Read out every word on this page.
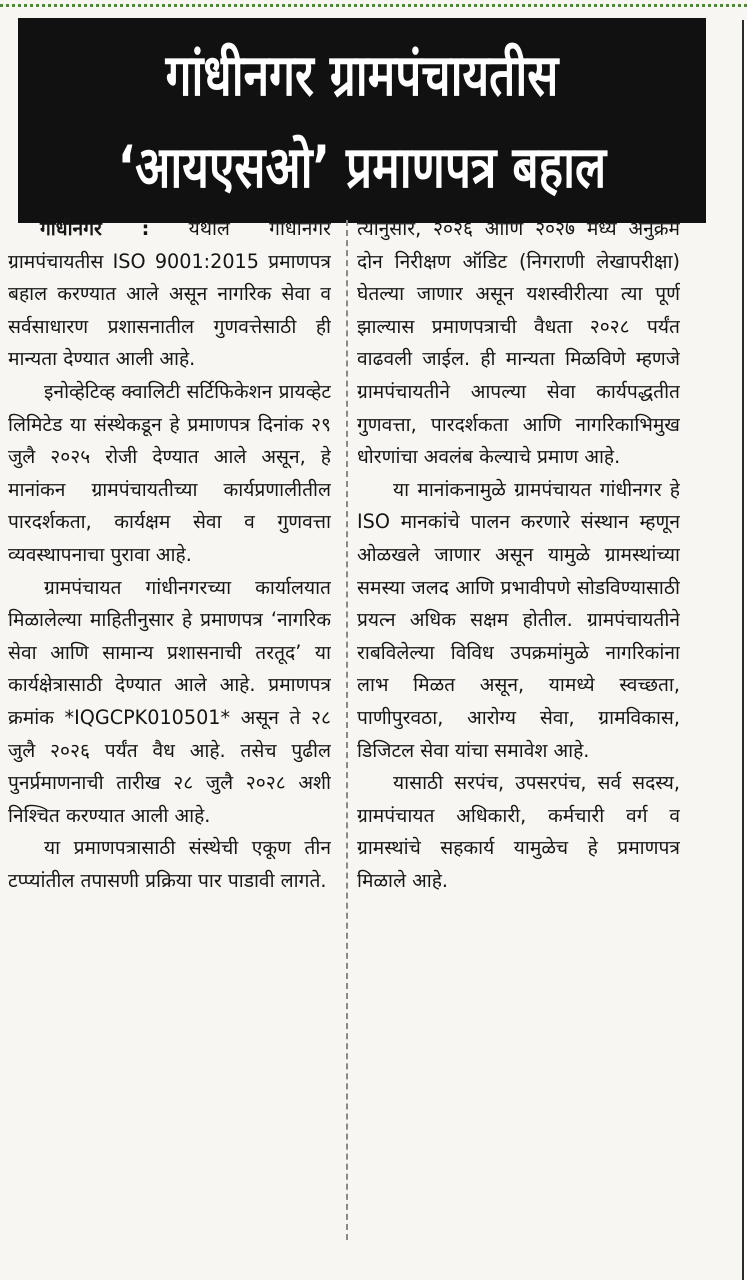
गांधीनगर ग्रामपंचायतीस
‘आयएसओ’ प्रमाणपत्र बहाल

गांधीनगर : येथील गांधीनगर ग्रामपंचायतीस ISO 9001:2015 प्रमाणपत्र बहाल करण्यात आले असून नागरिक सेवा व सर्वसाधारण प्रशासनातील गुणवत्तेसाठी ही मान्यता देण्यात आली आहे.

इनोव्हेटिव्ह क्वालिटी सर्टिफिकेशन प्रायव्हेट लिमिटेड या संस्थेकडून हे प्रमाणपत्र दिनांक २९ जुलै २०२५ रोजी देण्यात आले असून, हे मानांकन ग्रामपंचायतीच्या कार्यप्रणालीतील पारदर्शकता, कार्यक्षम सेवा व गुणवत्ता व्यवस्थापनाचा पुरावा आहे.

ग्रामपंचायत गांधीनगरच्या कार्यालयात मिळालेल्या माहितीनुसार हे प्रमाणपत्र ‘नागरिक सेवा आणि सामान्य प्रशासनाची तरतूद’ या कार्यक्षेत्रासाठी देण्यात आले आहे. प्रमाणपत्र क्रमांक *IQGCPK010501* असून ते २८ जुलै २०२६ पर्यंत वैध आहे. तसेच पुढील पुनर्प्रमाणनाची तारीख २८ जुलै २०२८ अशी निश्चित करण्यात आली आहे.

या प्रमाणपत्रासाठी संस्थेची एकूण तीन टप्प्यांतील तपासणी प्रक्रिया पार पाडावी लागते.

त्यानुसार, २०२६ आणि २०२७ मध्ये अनुक्रमे दोन निरीक्षण ऑडिट (निगराणी लेखापरीक्षा) घेतल्या जाणार असून यशस्वीरीत्या त्या पूर्ण झाल्यास प्रमाणपत्राची वैधता २०२८ पर्यंत वाढवली जाईल. ही मान्यता मिळविणे म्हणजे ग्रामपंचायतीने आपल्या सेवा कार्यपद्धतीत गुणवत्ता, पारदर्शकता आणि नागरिकाभिमुख धोरणांचा अवलंब केल्याचे प्रमाण आहे.

या मानांकनामुळे ग्रामपंचायत गांधीनगर हे ISO मानकांचे पालन करणारे संस्थान म्हणून ओळखले जाणार असून यामुळे ग्रामस्थांच्या समस्या जलद आणि प्रभावीपणे सोडविण्यासाठी प्रयत्न अधिक सक्षम होतील. ग्रामपंचायतीने राबविलेल्या विविध उपक्रमांमुळे नागरिकांना लाभ मिळत असून, यामध्ये स्वच्छता, पाणीपुरवठा, आरोग्य सेवा, ग्रामविकास, डिजिटल सेवा यांचा समावेश आहे.

यासाठी सरपंच, उपसरपंच, सर्व सदस्य, ग्रामपंचायत अधिकारी, कर्मचारी वर्ग व ग्रामस्थांचे सहकार्य यामुळेच हे प्रमाणपत्र मिळाले आहे.
